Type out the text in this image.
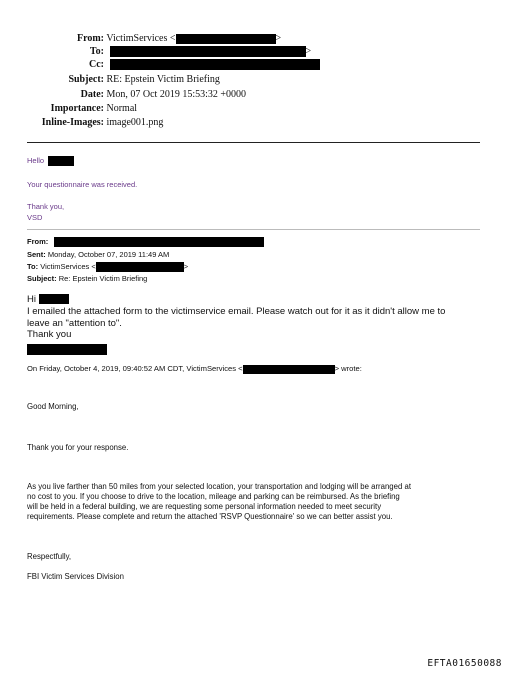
From: VictimServices <	>
To:	>
Cc:
Subject: RE: Epstein Victim Briefing
Date: Mon, 07 Oct 2019 15:53:32 +0000
Importance: Normal
Inline-Images: image001.png
Hello
Your questionnaire was received.
Thank you,
VSD
From:
Sent: Monday, October 07, 2019 11:49 AM
To: VictimServices <	>
Subject: Re: Epstein Victim Briefing
Hi
I emailed the attached form to the victimservice email. Please watch out for it as it didn't allow me to
leave an "attention to".
Thank you
On Friday, October 4, 2019, 09:40:52 AM CDT, VictimServices <	> wrote:
Good Morning,
Thank you for your response.
As you live farther than 50 miles from your selected location, your transportation and lodging will be arranged at
no cost to you. If you choose to drive to the location, mileage and parking can be reimbursed. As the briefing
will be held in a federal building, we are requesting some personal information needed to meet security
requirements. Please complete and return the attached 'RSVP Questionnaire' so we can better assist you.
Respectfully,
FBI Victim Services Division
EFTA01650088
